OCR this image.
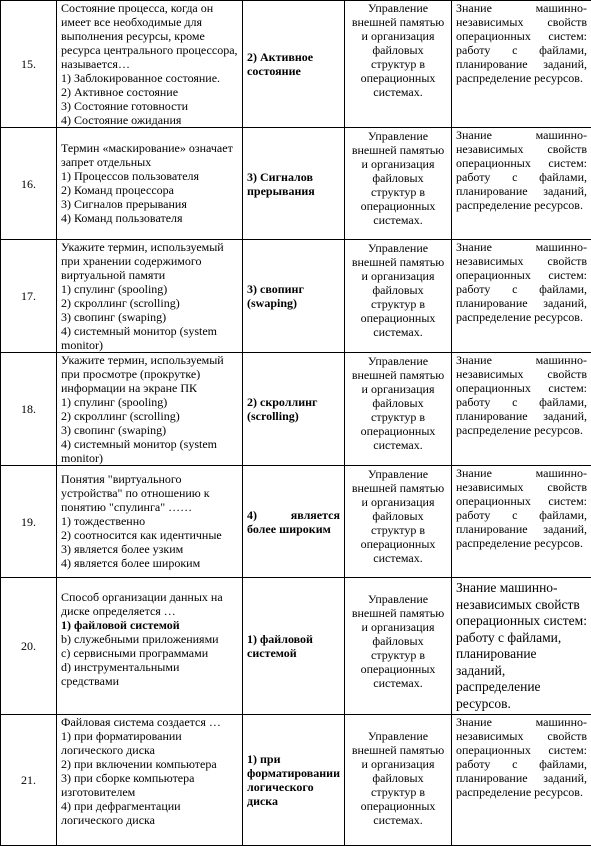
15.	Состояние процесса, когда он имеет все необходимые для выполнения ресурсы, кроме ресурса центрального процессора, называется…
1) Заблокированное состояние.
2) Активное состояние
3) Состояние готовности
4) Состояние ожидания	2) Активное состояние	Управление внешней памятью и организация файловых структур в операционных системах.	Знание машинно-независимых свойств операционных систем: работу с файлами, планирование заданий, распределение ресурсов.
16.	Термин «маскирование» означает запрет отдельных
1) Процессов пользователя
2) Команд процессора
3) Сигналов прерывания
4) Команд пользователя	3) Сигналов прерывания	Управление внешней памятью и организация файловых структур в операционных системах.	Знание машинно-независимых свойств операционных систем: работу с файлами, планирование заданий, распределение ресурсов.
17.	Укажите термин, используемый при хранении содержимого виртуальной памяти
1) спулинг (spooling)
2) скроллинг (scrolling)
3) свопинг (swaping)
4) системный монитор (system monitor)	3) свопинг (swaping)	Управление внешней памятью и организация файловых структур в операционных системах.	Знание машинно-независимых свойств операционных систем: работу с файлами, планирование заданий, распределение ресурсов.
18.	Укажите термин, используемый при просмотре (прокрутке) информации на экране ПК
1) спулинг (spooling)
2) скроллинг (scrolling)
3) свопинг (swaping)
4) системный монитор (system monitor)	2) скроллинг (scrolling)	Управление внешней памятью и организация файловых структур в операционных системах.	Знание машинно-независимых свойств операционных систем: работу с файлами, планирование заданий, распределение ресурсов.
19.	Понятия "виртуального устройства" по отношению к понятию "спулинга" ……
1) тождественно
2) соотносится как идентичные
3) является более узким
4) является более широким	4) является более широким	Управление внешней памятью и организация файловых структур в операционных системах.	Знание машинно-независимых свойств операционных систем: работу с файлами, планирование заданий, распределение ресурсов.
20.	Способ организации данных на диске определяется …
1) файловой системой
b) служебными приложениями
c) сервисными программами
d) инструментальными средствами	1) файловой системой	Управление внешней памятью и организация файловых структур в операционных системах.	Знание машинно-независимых свойств операционных систем: работу с файлами, планирование заданий, распределение ресурсов.
21.	Файловая система создается …
1) при форматировании логического диска
2) при включении компьютера
3) при сборке компьютера изготовителем
4) при дефрагментации логического диска	1) при форматировании логического диска	Управление внешней памятью и организация файловых структур в операционных системах.	Знание машинно-независимых свойств операционных систем: работу с файлами, планирование заданий, распределение ресурсов.
